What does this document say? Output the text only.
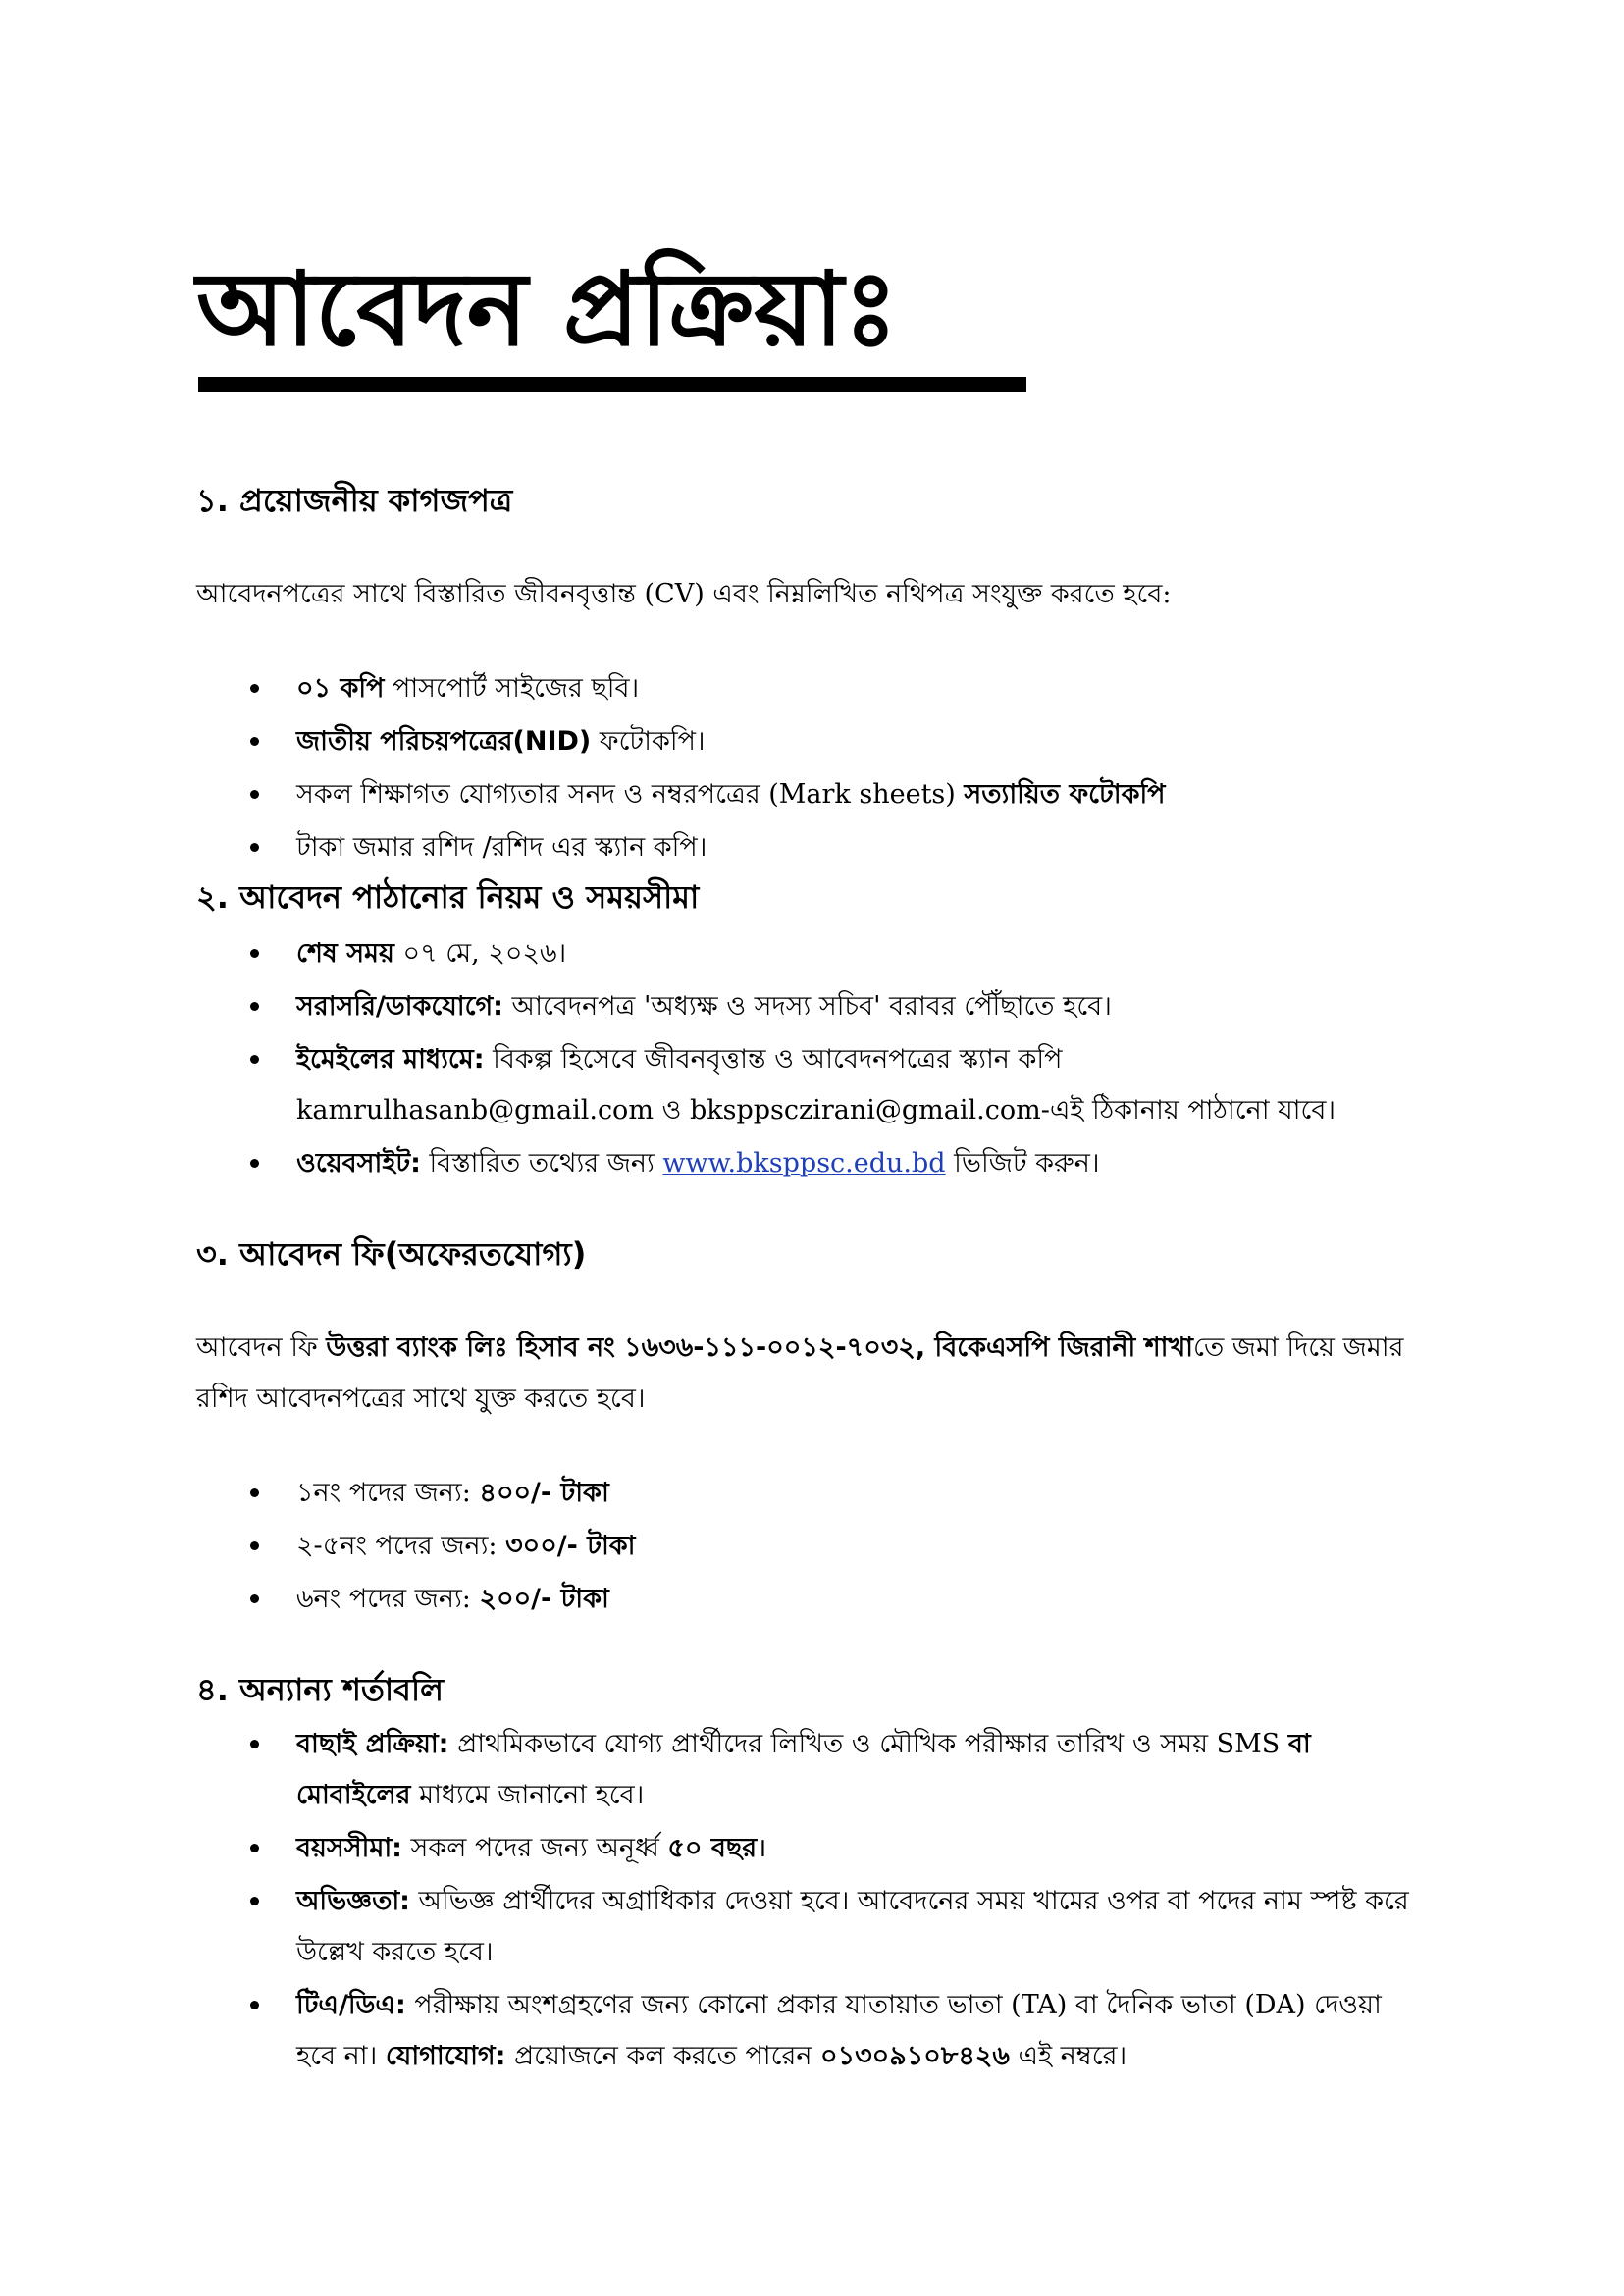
আবেদন প্রক্রিয়াঃ
১. প্রয়োজনীয় কাগজপত্র
আবেদনপত্রের সাথে বিস্তারিত জীবনবৃত্তান্ত (CV) এবং নিম্নলিখিত নথিপত্র সংযুক্ত করতে হবে:
০১ কপি পাসপোর্ট সাইজের ছবি।
জাতীয় পরিচয়পত্রের(NID) ফটোকপি।
সকল শিক্ষাগত যোগ্যতার সনদ ও নম্বরপত্রের (Mark sheets) সত্যায়িত ফটোকপি
টাকা জমার রশিদ /রশিদ এর স্ক্যান কপি।
২. আবেদন পাঠানোর নিয়ম ও সময়সীমা
শেষ সময় ০৭ মে, ২০২৬।
সরাসরি/ডাকযোগে: আবেদনপত্র 'অধ্যক্ষ ও সদস্য সচিব' বরাবর পৌঁছাতে হবে।
ইমেইলের মাধ্যমে: বিকল্প হিসেবে জীবনবৃত্তান্ত ও আবেদনপত্রের স্ক্যান কপি
kamrulhasanb@gmail.com ও bksppsczirani@gmail.com-এই ঠিকানায় পাঠানো যাবে।
ওয়েবসাইট: বিস্তারিত তথ্যের জন্য www.bksppsc.edu.bd ভিজিট করুন।
৩. আবেদন ফি(অফেরতযোগ্য)
আবেদন ফি উত্তরা ব্যাংক লিঃ হিসাব নং ১৬৩৬-১১১-০০১২-৭০৩২, বিকেএসপি জিরানী শাখাতে জমা দিয়ে জমার রশিদ আবেদনপত্রের সাথে যুক্ত করতে হবে।
১নং পদের জন্য: ৪০০/- টাকা
২-৫নং পদের জন্য: ৩০০/- টাকা
৬নং পদের জন্য: ২০০/- টাকা
৪. অন্যান্য শর্তাবলি
বাছাই প্রক্রিয়া: প্রাথমিকভাবে যোগ্য প্রার্থীদের লিখিত ও মৌখিক পরীক্ষার তারিখ ও সময় SMS বা মোবাইলের মাধ্যমে জানানো হবে।
বয়সসীমা: সকল পদের জন্য অনূর্ধ্ব ৫০ বছর।
অভিজ্ঞতা: অভিজ্ঞ প্রার্থীদের অগ্রাধিকার দেওয়া হবে। আবেদনের সময় খামের ওপর বা পদের নাম স্পষ্ট করে উল্লেখ করতে হবে।
টিএ/ডিএ: পরীক্ষায় অংশগ্রহণের জন্য কোনো প্রকার যাতায়াত ভাতা (TA) বা দৈনিক ভাতা (DA) দেওয়া হবে না। যোগাযোগ: প্রয়োজনে কল করতে পারেন ০১৩০৯১০৮৪২৬ এই নম্বরে।
